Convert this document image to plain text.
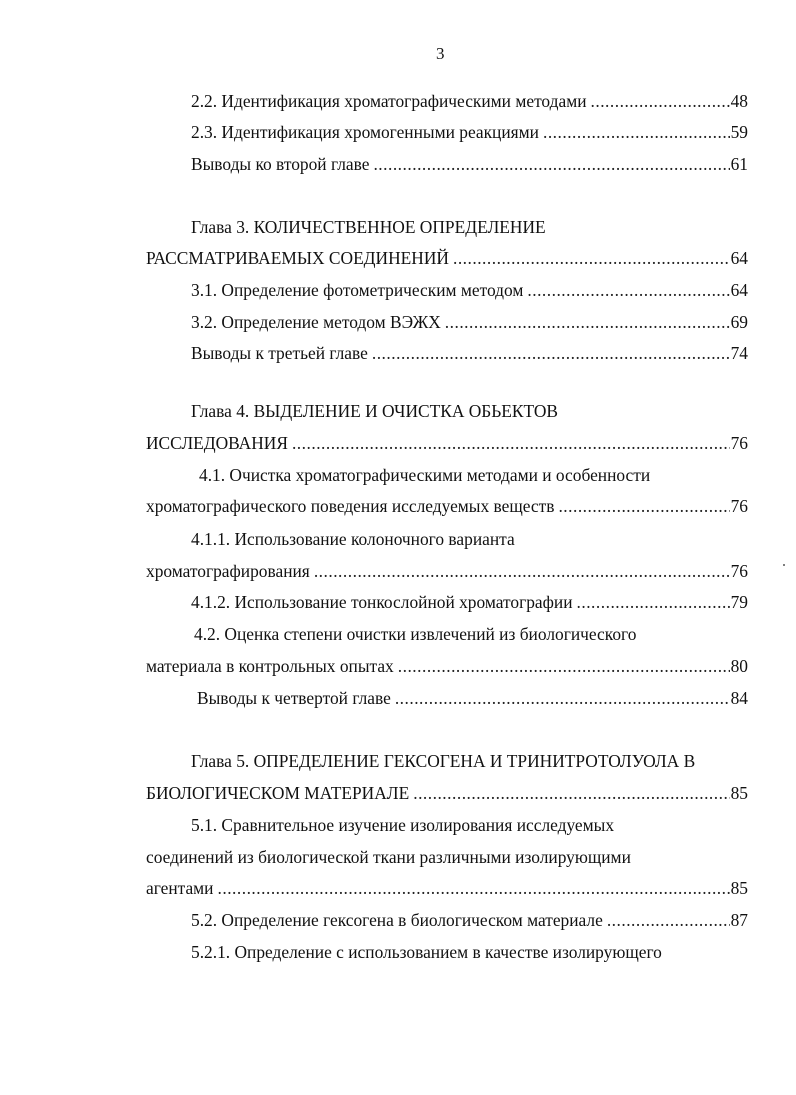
3
2.2. Идентификация хроматографическими методами .....	48
2.3. Идентификация хромогенными реакциями .....	59
Выводы ко второй главе .....	61
Глава 3. КОЛИЧЕСТВЕННОЕ ОПРЕДЕЛЕНИЕ
РАССМАТРИВАЕМЫХ СОЕДИНЕНИЙ .....	64
3.1. Определение фотометрическим методом .....	64
3.2. Определение методом ВЭЖХ .....	69
Выводы к третьей главе .....	74
Глава 4. ВЫДЕЛЕНИЕ И ОЧИСТКА ОБЬЕКТОВ
ИССЛЕДОВАНИЯ .....	76
4.1. Очистка хроматографическими методами и особенности
хроматографического поведения исследуемых веществ .....	76
4.1.1. Использование колоночного варианта
хроматографирования .....	76
4.1.2. Использование тонкослойной хроматографии .....	79
4.2. Оценка степени очистки извлечений из биологического
материала в контрольных опытах .....	80
Выводы к четвертой главе .....	84
Глава 5. ОПРЕДЕЛЕНИЕ ГЕКСОГЕНА И ТРИНИТРОТОЛУОЛА В
БИОЛОГИЧЕСКОМ МАТЕРИАЛЕ .....	85
5.1. Сравнительное изучение изолирования исследуемых
соединений из биологической ткани различными изолирующими
агентами .....	85
5.2. Определение гексогена в биологическом материале .....	87
5.2.1. Определение с использованием в качестве изолирующего
